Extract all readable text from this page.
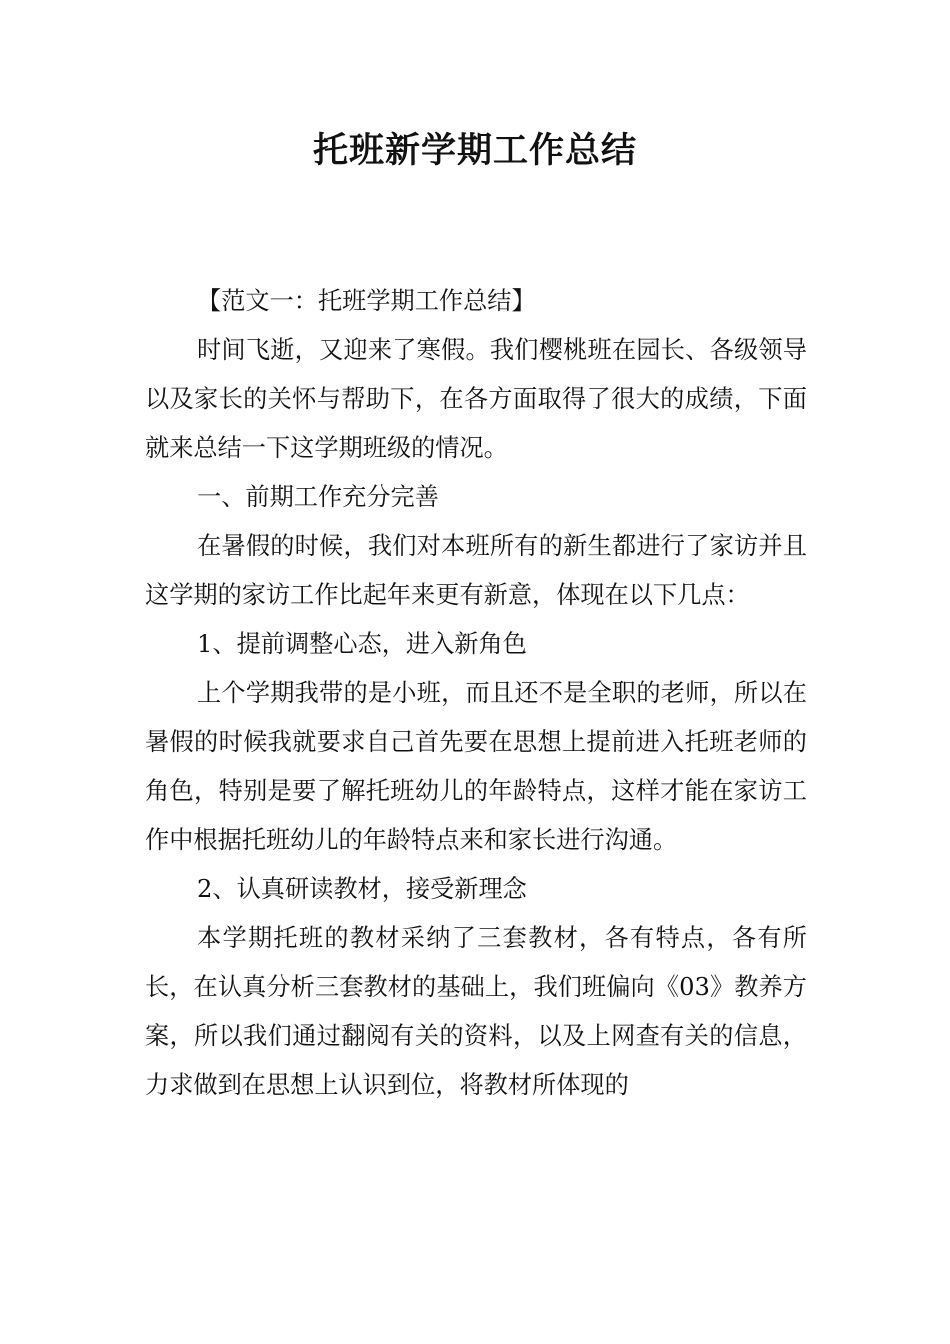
托班新学期工作总结

【范文一：托班学期工作总结】

时间飞逝，又迎来了寒假。我们樱桃班在园长、各级领导以及家长的关怀与帮助下，在各方面取得了很大的成绩，下面就来总结一下这学期班级的情况。

一、前期工作充分完善

在暑假的时候，我们对本班所有的新生都进行了家访并且这学期的家访工作比起年来更有新意，体现在以下几点：

1、提前调整心态，进入新角色

上个学期我带的是小班，而且还不是全职的老师，所以在暑假的时候我就要求自己首先要在思想上提前进入托班老师的角色，特别是要了解托班幼儿的年龄特点，这样才能在家访工作中根据托班幼儿的年龄特点来和家长进行沟通。

2、认真研读教材，接受新理念

本学期托班的教材采纳了三套教材，各有特点，各有所长，在认真分析三套教材的基础上，我们班偏向《03》教养方案，所以我们通过翻阅有关的资料，以及上网查有关的信息，力求做到在思想上认识到位，将教材所体现的
